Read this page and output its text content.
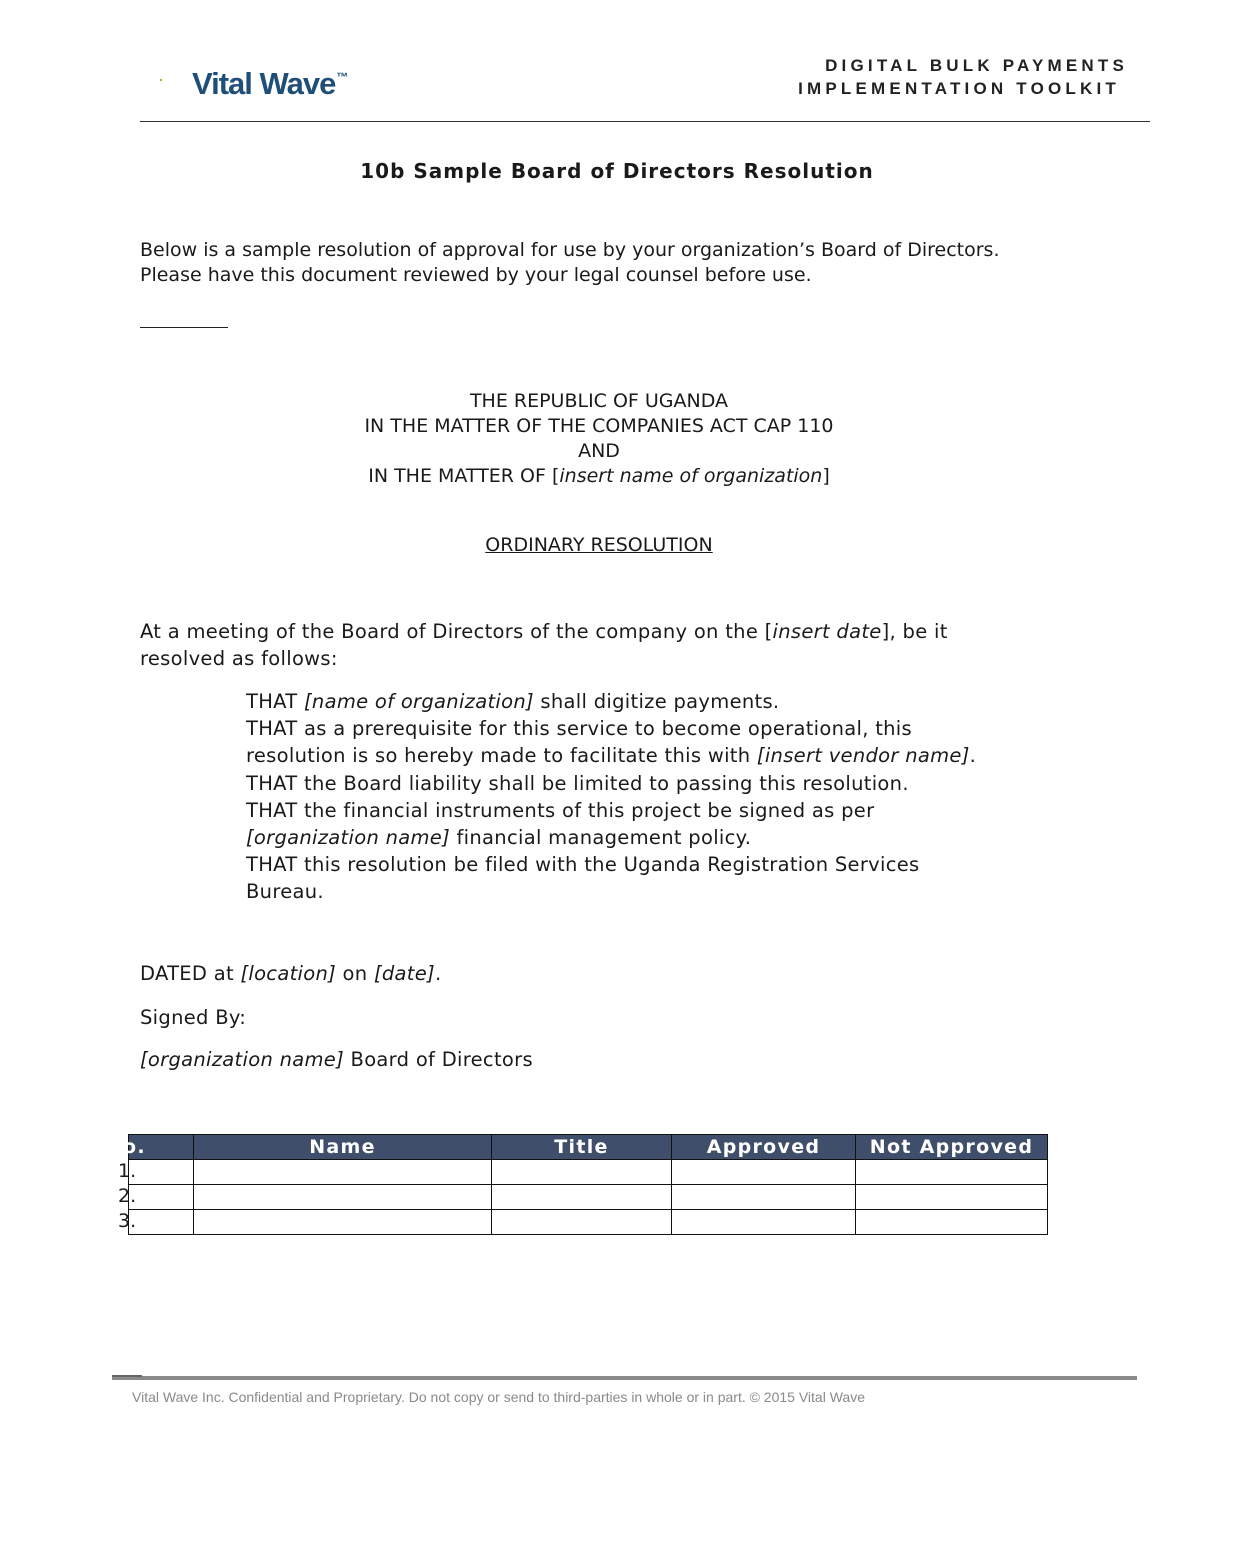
Vital Wave™
DIGITAL BULK PAYMENTS
IMPLEMENTATION TOOLKIT
10b Sample Board of Directors Resolution
Below is a sample resolution of approval for use by your organization’s Board of Directors.
Please have this document reviewed by your legal counsel before use.
THE REPUBLIC OF UGANDA
IN THE MATTER OF THE COMPANIES ACT CAP 110
AND
IN THE MATTER OF [insert name of organization]
ORDINARY RESOLUTION
At a meeting of the Board of Directors of the company on the [insert date], be it
resolved as follows:
THAT [name of organization] shall digitize payments.
THAT as a prerequisite for this service to become operational, this
resolution is so hereby made to facilitate this with [insert vendor name].
THAT the Board liability shall be limited to passing this resolution.
THAT the financial instruments of this project be signed as per
[organization name] financial management policy.
THAT this resolution be filed with the Uganda Registration Services
Bureau.
DATED at [location] on [date].
Signed By:
[organization name] Board of Directors
o.	Name	Title	Approved	Not Approved

1.				

2.				

3.				

Vital Wave Inc. Confidential and Proprietary. Do not copy or send to third-parties in whole or in part. © 2015 Vital Wave
